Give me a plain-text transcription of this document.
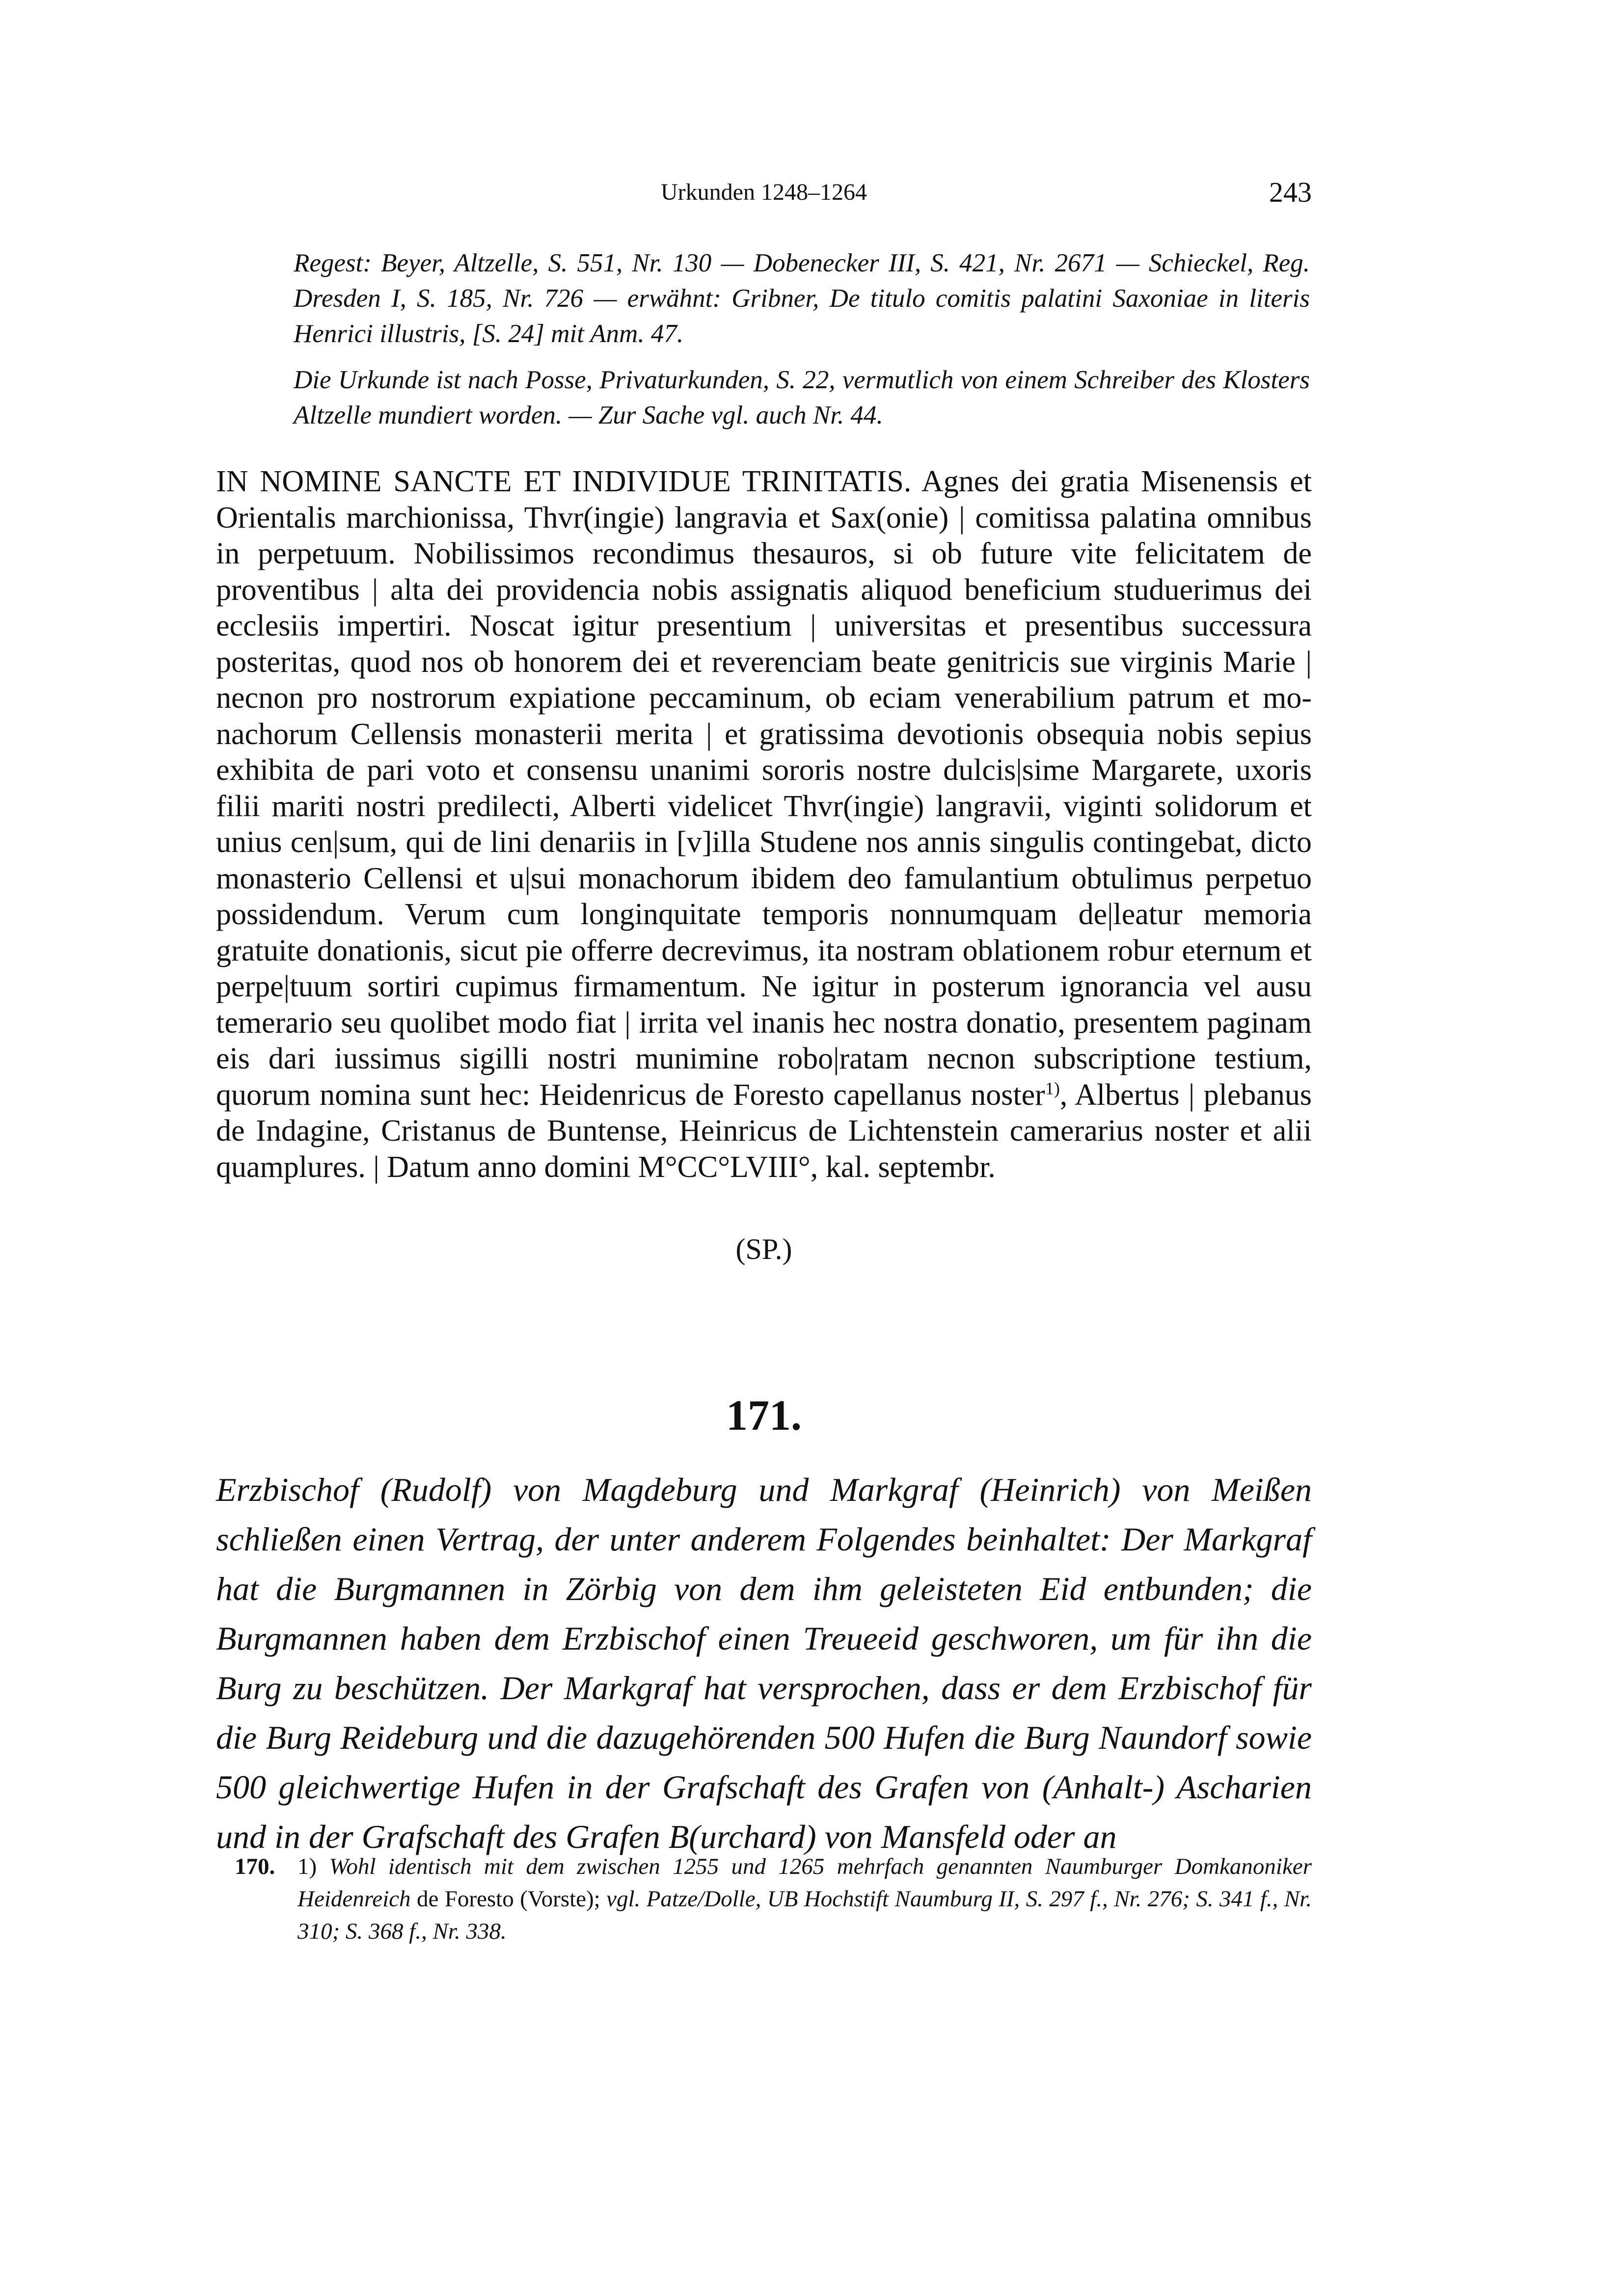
Urkunden 1248–1264	243

Regest: Beyer, Altzelle, S. 551, Nr. 130 — Dobenecker III, S. 421, Nr. 2671 — Schieckel, Reg. Dresden I, S. 185, Nr. 726 — erwähnt: Gribner, De titulo comitis palatini Saxoniae in literis Henrici illustris, [S. 24] mit Anm. 47.

Die Urkunde ist nach Posse, Privaturkunden, S. 22, vermutlich von einem Schreiber des Klosters Altzelle mundiert worden. — Zur Sache vgl. auch Nr. 44.

IN NOMINE SANCTE ET INDIVIDUE TRINITATIS. Agnes dei gratia Misenensis et Orientalis marchionissa, Thvr(ingie) langravia et Sax(onie) | comitissa palatina omnibus in perpetuum. Nobilissimos recondimus thesauros, si ob future vite felicitatem de proventibus | alta dei providencia nobis assignatis aliquod beneficium studuerimus dei ecclesiis impertiri. Noscat igitur presentium | universitas et presentibus successura posteritas, quod nos ob honorem dei et reverenciam beate genitricis sue virginis Marie | necnon pro nostrorum expiatione peccaminum, ob eciam venerabilium patrum et monachorum Cellensis monasterii merita | et gratissima devotionis obsequia nobis sepius exhibita de pari voto et consensu unanimi sororis nostre dulcis|sime Margarete, uxoris filii mariti nostri predilecti, Alberti videlicet Thvr(ingie) langravii, viginti solidorum et unius cen|sum, qui de lini denariis in [v]illa Studene nos annis singulis contingebat, dicto monasterio Cellensi et u|sui monachorum ibidem deo famulantium obtulimus perpetuo possidendum. Verum cum longinquitate temporis nonnumquam de|leatur memoria gratuite donationis, sicut pie offerre decrevimus, ita nostram oblationem robur eternum et perpe|tuum sortiri cupimus firmamentum. Ne igitur in posterum ignorancia vel ausu temerario seu quolibet modo fiat | irrita vel inanis hec nostra donatio, presentem paginam eis dari iussimus sigilli nostri munimine robo|ratam necnon subscriptione testium, quorum nomina sunt hec: Heidenricus de Foresto capellanus noster$^{1)}$, Albertus | plebanus de Indagine, Cristanus de Buntense, Heinricus de Lichtenstein camerarius noster et alii quamplures. | Datum anno domini M°CC°LVIII°, kal. septembr.

(SP.)
171.

Erzbischof (Rudolf) von Magdeburg und Markgraf (Heinrich) von Meißen schließen einen Vertrag, der unter anderem Folgendes beinhaltet: Der Markgraf hat die Burgmannen in Zörbig von dem ihm geleisteten Eid entbunden; die Burgmannen haben dem Erzbischof einen Treueeid geschworen, um für ihn die Burg zu beschützen. Der Markgraf hat versprochen, dass er dem Erzbischof für die Burg Reideburg und die dazugehörenden 500 Hufen die Burg Naundorf sowie 500 gleichwertige Hufen in der Grafschaft des Grafen von (Anhalt-) Ascharien und in der Grafschaft des Grafen B(urchard) von Mansfeld oder an

170. 1) Wohl identisch mit dem zwischen 1255 und 1265 mehrfach genannten Naumburger Domkanoniker Heidenreich de Foresto (Vorste); vgl. Patze/Dolle, UB Hochstift Naumburg II, S. 297 f., Nr. 276; S. 341 f., Nr. 310; S. 368 f., Nr. 338.
